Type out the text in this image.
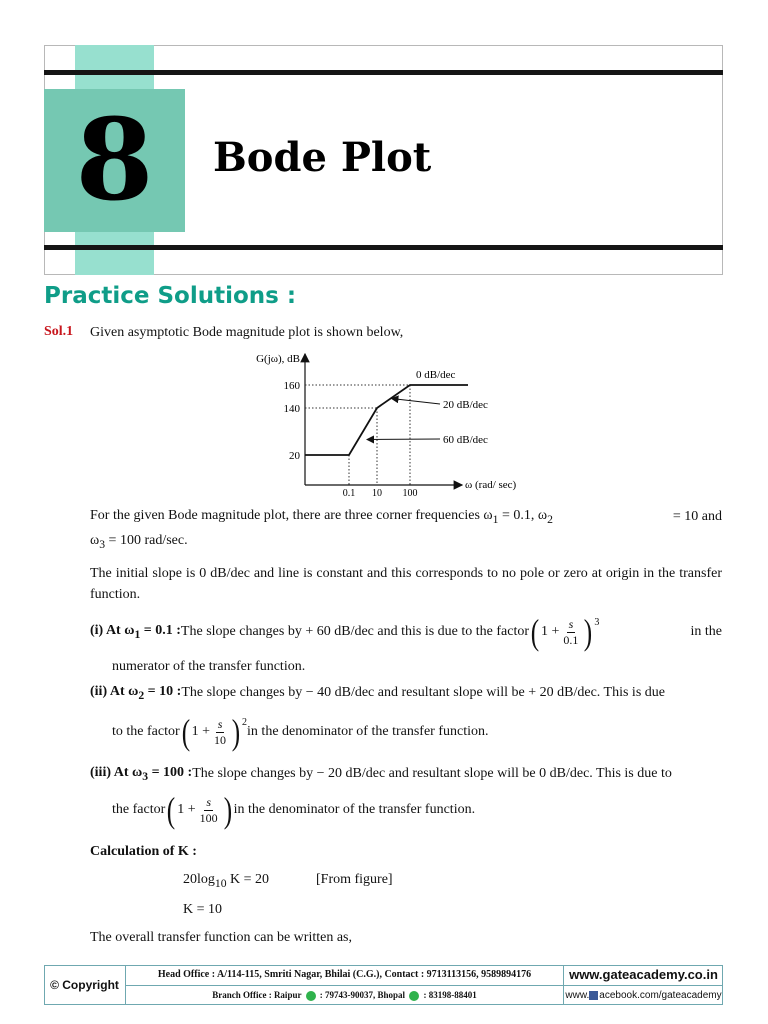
8	Bode Plot
Practice Solutions :
Sol.1 Given asymptotic Bode magnitude plot is shown below,
G(jω), dB
ω (rad/ sec)
20
140
160
0.1 10 100
0 dB/dec
20 dB/dec
60 dB/dec
For the given Bode magnitude plot, there are three corner frequencies $\omega_1 = 0.1$, $\omega_2$	= 10 and
$\omega_3 = 100$ rad/sec.
The initial slope is 0 dB/dec and line is constant and this corresponds to no pole or zero at origin in the transfer function.
(i) At $\omega_1 = 0.1$ : The slope changes by + 60 dB/dec and this is due to the factor ( $1 + \frac{s}{0.1}$ ) 3
in the
numerator of the transfer function.
(ii) At $\omega_2 = 10$ : The slope changes by − 40 dB/dec and resultant slope will be + 20 dB/dec. This is due
to the factor ( $1 + \frac{s}{10}$ ) 2
in the denominator of the transfer function.
(iii) At $\omega_3 = 100$ : The slope changes by − 20 dB/dec and resultant slope will be 0 dB/dec. This is due to
the factor ( $1 + \frac{s}{100}$ ) in the denominator of the transfer function.
Calculation of K :
$20\log_{10}$ K = 20	[From figure]
K = 10
The overall transfer function can be written as,
© Copyright
Head Office : A/114-115, Smriti Nagar, Bhilai (C.G.), Contact : 9713113156, 9589894176
Branch Office : Raipur : 79743-90037, Bhopal : 83198-88401
www.gateacademy.co.in
www. acebook.com/gateacademy
